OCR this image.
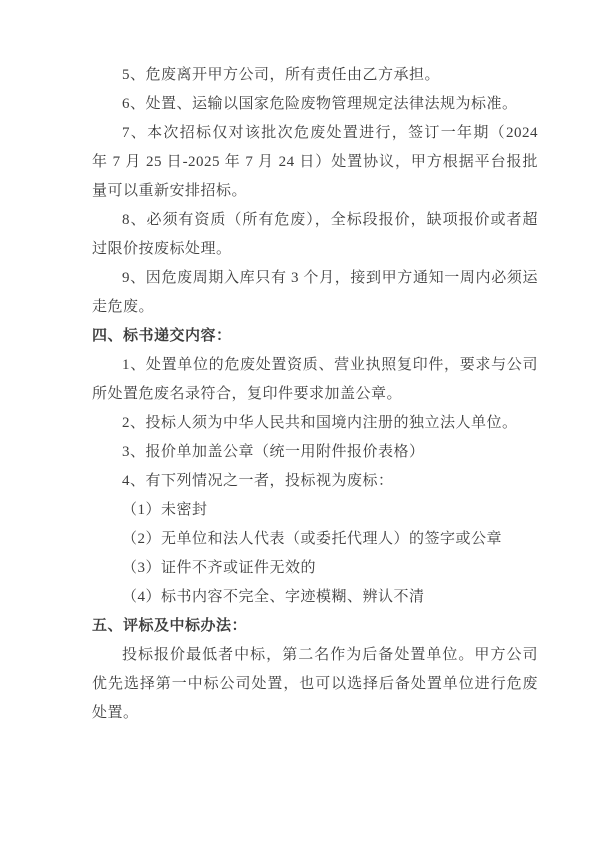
5、危废离开甲方公司，所有责任由乙方承担。

6、处置、运输以国家危险废物管理规定法律法规为标准。

7、本次招标仅对该批次危废处置进行，签订一年期（2024 年 7 月 25 日-2025 年 7 月 24 日）处置协议，甲方根据平台报批量可以重新安排招标。

8、必须有资质（所有危废），全标段报价，缺项报价或者超过限价按废标处理。

9、因危废周期入库只有 3 个月，接到甲方通知一周内必须运走危废。

四、标书递交内容：

1、处置单位的危废处置资质、营业执照复印件，要求与公司所处置危废名录符合，复印件要求加盖公章。

2、投标人须为中华人民共和国境内注册的独立法人单位。

3、报价单加盖公章（统一用附件报价表格）

4、有下列情况之一者，投标视为废标：

（1）未密封

（2）无单位和法人代表（或委托代理人）的签字或公章

（3）证件不齐或证件无效的

（4）标书内容不完全、字迹模糊、辨认不清

五、评标及中标办法：

投标报价最低者中标，第二名作为后备处置单位。甲方公司优先选择第一中标公司处置，也可以选择后备处置单位进行危废处置。
